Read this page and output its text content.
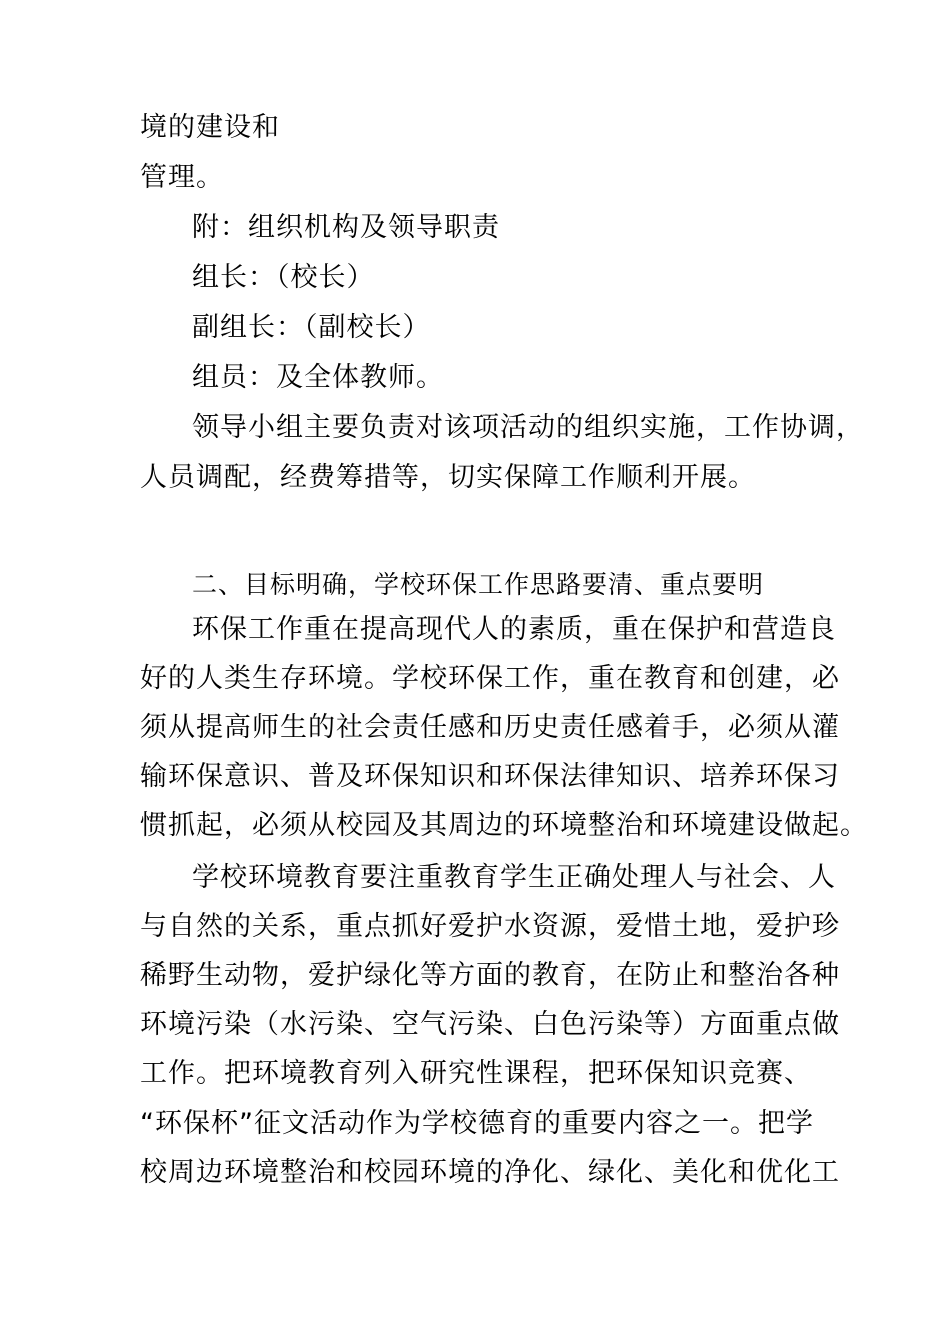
境的建设和
管理。
附：组织机构及领导职责
组长：（校长）
副组长：（副校长）
组员：及全体教师。
领导小组主要负责对该项活动的组织实施，工作协调，
人员调配，经费筹措等，切实保障工作顺利开展。
二、目标明确，学校环保工作思路要清、重点要明
环保工作重在提高现代人的素质，重在保护和营造良
好的人类生存环境。学校环保工作，重在教育和创建，必
须从提高师生的社会责任感和历史责任感着手，必须从灌
输环保意识、普及环保知识和环保法律知识、培养环保习
惯抓起，必须从校园及其周边的环境整治和环境建设做起。
学校环境教育要注重教育学生正确处理人与社会、人
与自然的关系，重点抓好爱护水资源，爱惜土地，爱护珍
稀野生动物，爱护绿化等方面的教育，在防止和整治各种
环境污染（水污染、空气污染、白色污染等）方面重点做
工作。把环境教育列入研究性课程，把环保知识竞赛、
“环保杯”征文活动作为学校德育的重要内容之一。把学
校周边环境整治和校园环境的净化、绿化、美化和优化工
